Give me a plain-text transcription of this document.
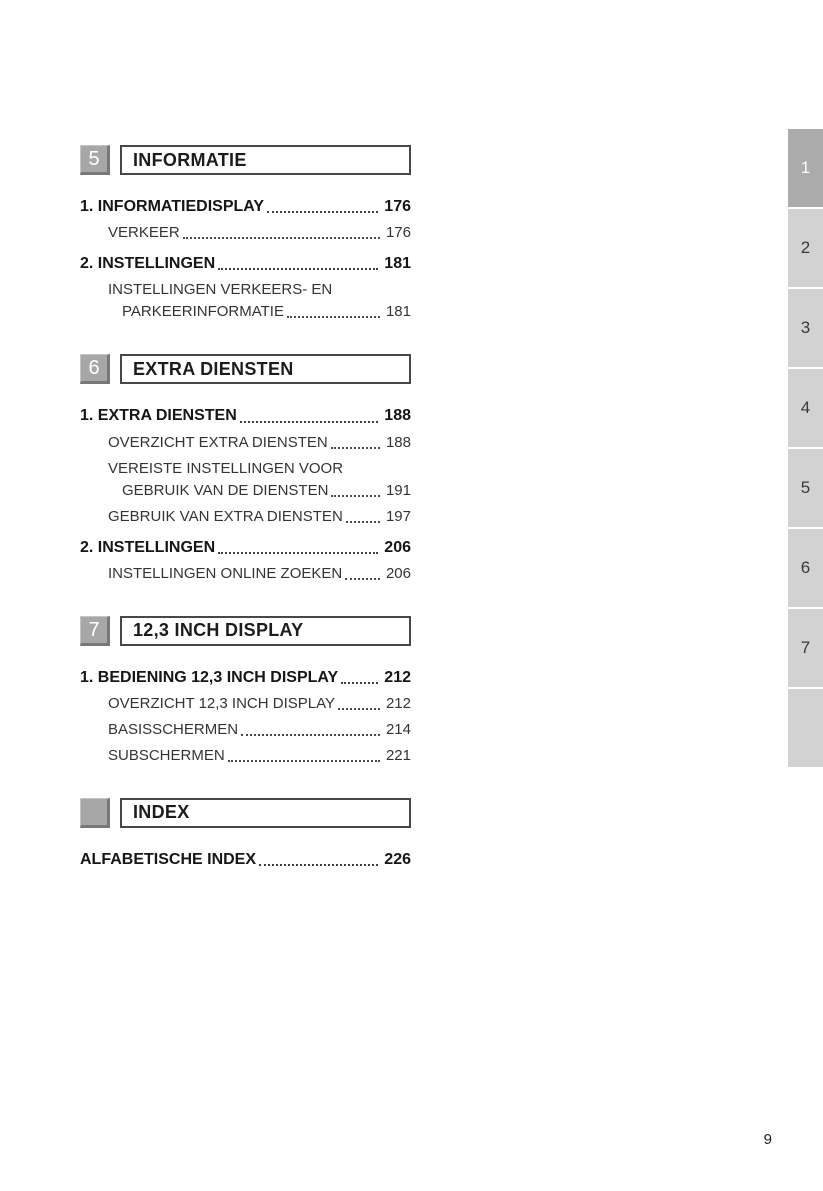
5	INFORMATIE
1. INFORMATIEDISPLAY	176
VERKEER	176
2. INSTELLINGEN	181
INSTELLINGEN VERKEERS- EN
PARKEERINFORMATIE	181
6	EXTRA DIENSTEN
1. EXTRA DIENSTEN	188
OVERZICHT EXTRA DIENSTEN	188
VEREISTE INSTELLINGEN VOOR
GEBRUIK VAN DE DIENSTEN	191
GEBRUIK VAN EXTRA DIENSTEN	197
2. INSTELLINGEN	206
INSTELLINGEN ONLINE ZOEKEN	206
7	12,3 INCH DISPLAY
1. BEDIENING 12,3 INCH DISPLAY	212
OVERZICHT 12,3 INCH DISPLAY	212
BASISSCHERMEN	214
SUBSCHERMEN	221
INDEX
ALFABETISCHE INDEX	226
1
2
3
4
5
6
7
9
